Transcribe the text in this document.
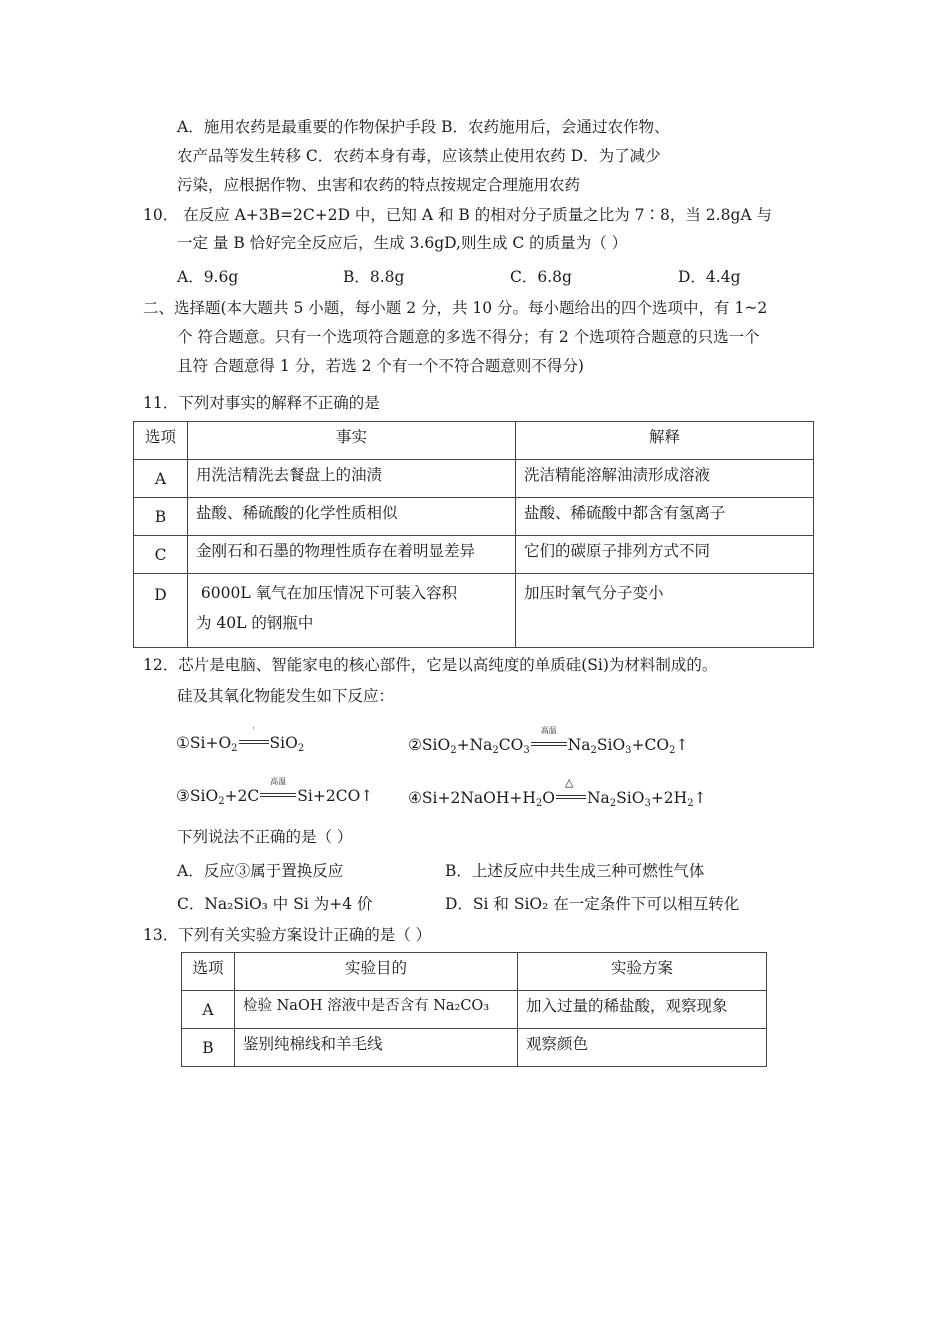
A．施用农药是最重要的作物保护手段 B．农药施用后，会通过农作物、
农产品等发生转移 C．农药本身有毒，应该禁止使用农药 D．为了减少
污染，应根据作物、虫害和农药的特点按规定合理施用农药
10． 在反应 A+3B=2C+2D 中，已知 A 和 B 的相对分子质量之比为 7∶8，当 2.8gA 与
一定 量 B 恰好完全反应后，生成 3.6gD,则生成 C 的质量为（ ）
A．9.6g	B．8.8g	C．6.8g	D．4.4g
二、选择题(本大题共 5 小题，每小题 2 分，共 10 分。每小题给出的四个选项中，有 1~2
个 符合题意。只有一个选项符合题意的多选不得分；有 2 个选项符合题意的只选一个
且符 合题意得 1 分，若选 2 个有一个不符合题意则不得分)
11．下列对事实的解释不正确的是
选项	事实	解释
A	用洗洁精洗去餐盘上的油渍	洗洁精能溶解油渍形成溶液
B	盐酸、稀硫酸的化学性质相似	盐酸、稀硫酸中都含有氢离子
C	金刚石和石墨的物理性质存在着明显差异	它们的碳原子排列方式不同
D	6000L 氧气在加压情况下可装入容积
为 40L 的钢瓶中	加压时氧气分子变小
12．芯片是电脑、智能家电的核心部件，它是以高纯度的单质硅(Si)为材料制成的。
硅及其氧化物能发生如下反应：
$①Si+O_2$
·
SiO$_2$	$②SiO_2+Na_2CO_3$
高温
$Na_2SiO_3+CO_2↑$
③SiO$_2$+2C
高温
Si+2CO↑ $④Si+2NaOH+H_2O$
△
$Na_2SiO_3+2H_2↑$
下列说法不正确的是（ ）
A．反应③属于置换反应	B．上述反应中共生成三种可燃性气体
C．Na₂SiO₃ 中 Si 为+4 价	D．Si 和 SiO₂ 在一定条件下可以相互转化
13．下列有关实验方案设计正确的是（ ）
选项	实验目的	实验方案
A	检验 NaOH 溶液中是否含有 Na₂CO₃	加入过量的稀盐酸，观察现象
B	鉴别纯棉线和羊毛线	观察颜色
